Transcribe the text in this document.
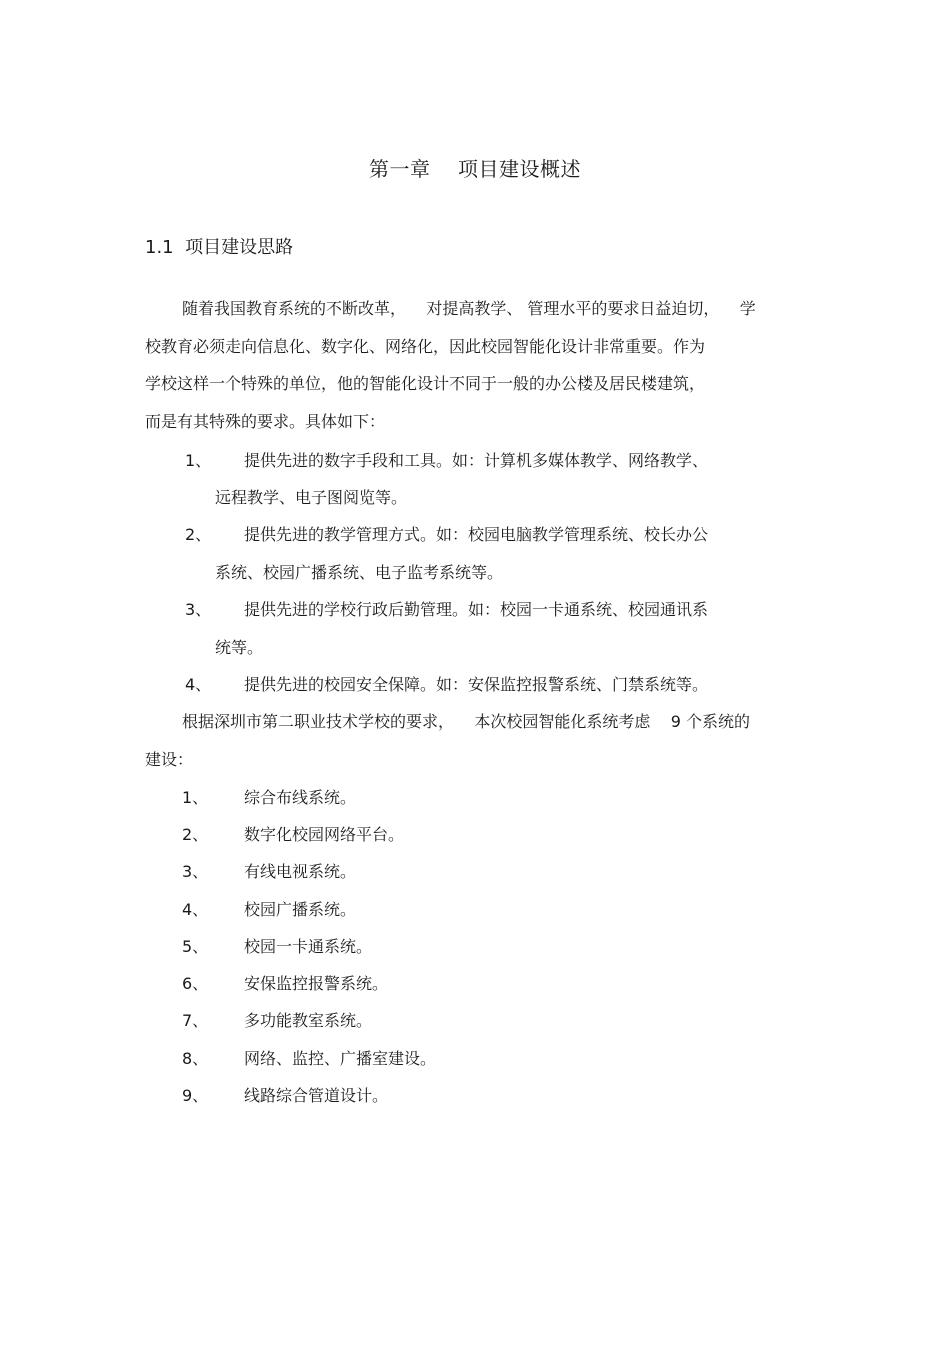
第一章    项目建设概述
1.1 项目建设思路
随着我国教育系统的不断改革，    对提高教学、 管理水平的要求日益迫切，    学
校教育必须走向信息化、数字化、网络化，因此校园智能化设计非常重要。作为
学校这样一个特殊的单位，他的智能化设计不同于一般的办公楼及居民楼建筑，
而是有其特殊的要求。具体如下：
1、 提供先进的数字手段和工具。如：计算机多媒体教学、网络教学、
远程教学、电子图阅览等。
2、 提供先进的教学管理方式。如：校园电脑教学管理系统、校长办公
系统、校园广播系统、电子监考系统等。
3、 提供先进的学校行政后勤管理。如：校园一卡通系统、校园通讯系
统等。
4、 提供先进的校园安全保障。如：安保监控报警系统、门禁系统等。
根据深圳市第二职业技术学校的要求，    本次校园智能化系统考虑    9 个系统的
建设：
1、 综合布线系统。
2、 数字化校园网络平台。
3、 有线电视系统。
4、 校园广播系统。
5、 校园一卡通系统。
6、 安保监控报警系统。
7、 多功能教室系统。
8、 网络、监控、广播室建设。
9、 线路综合管道设计。
